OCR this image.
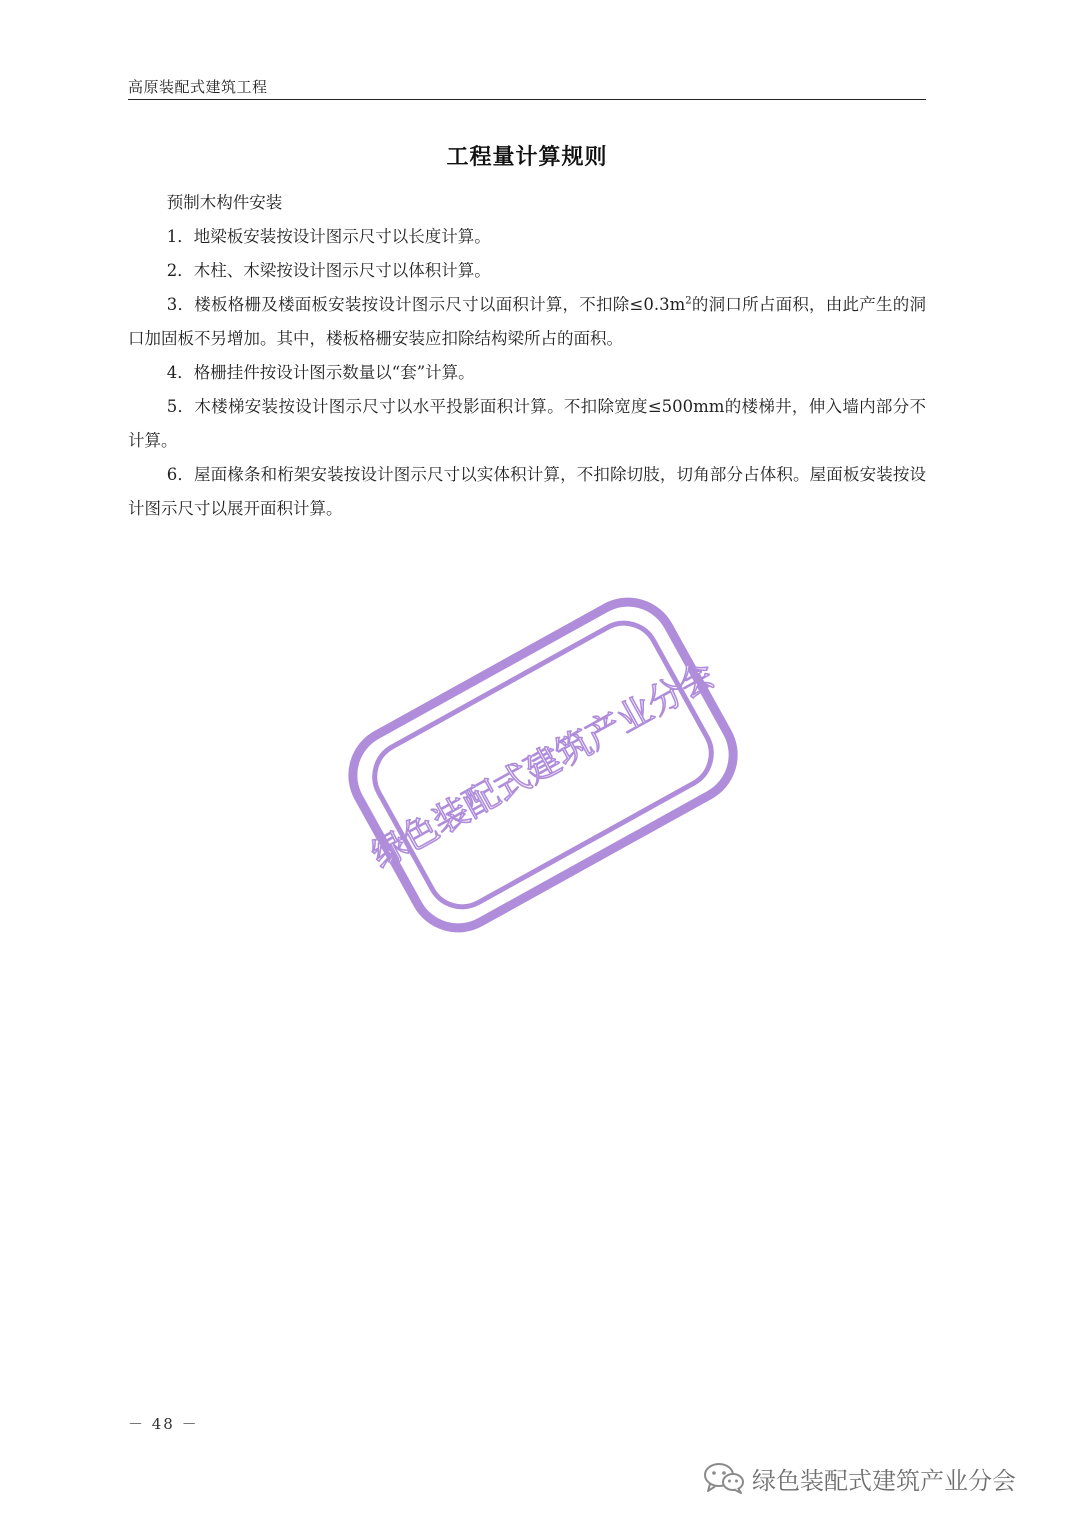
高原装配式建筑工程
工程量计算规则

预制木构件安装

1．地梁板安装按设计图示尺寸以长度计算。

2．木柱、木梁按设计图示尺寸以体积计算。

3．楼板格栅及楼面板安装按设计图示尺寸以面积计算，不扣除$\le 0.3m^2$的洞口所占面积，由此产生的洞口加固板不另增加。其中，楼板格栅安装应扣除结构梁所占的面积。

4．格栅挂件按设计图示数量以“套”计算。

5．木楼梯安装按设计图示尺寸以水平投影面积计算。不扣除宽度≤500mm的楼梯井，伸入墙内部分不计算。

6．屋面椽条和桁架安装按设计图示尺寸以实体积计算，不扣除切肢，切角部分占体积。屋面板安装按设计图示尺寸以展开面积计算。

绿色装配式建筑产业分会
－ 48 －
绿色装配式建筑产业分会
